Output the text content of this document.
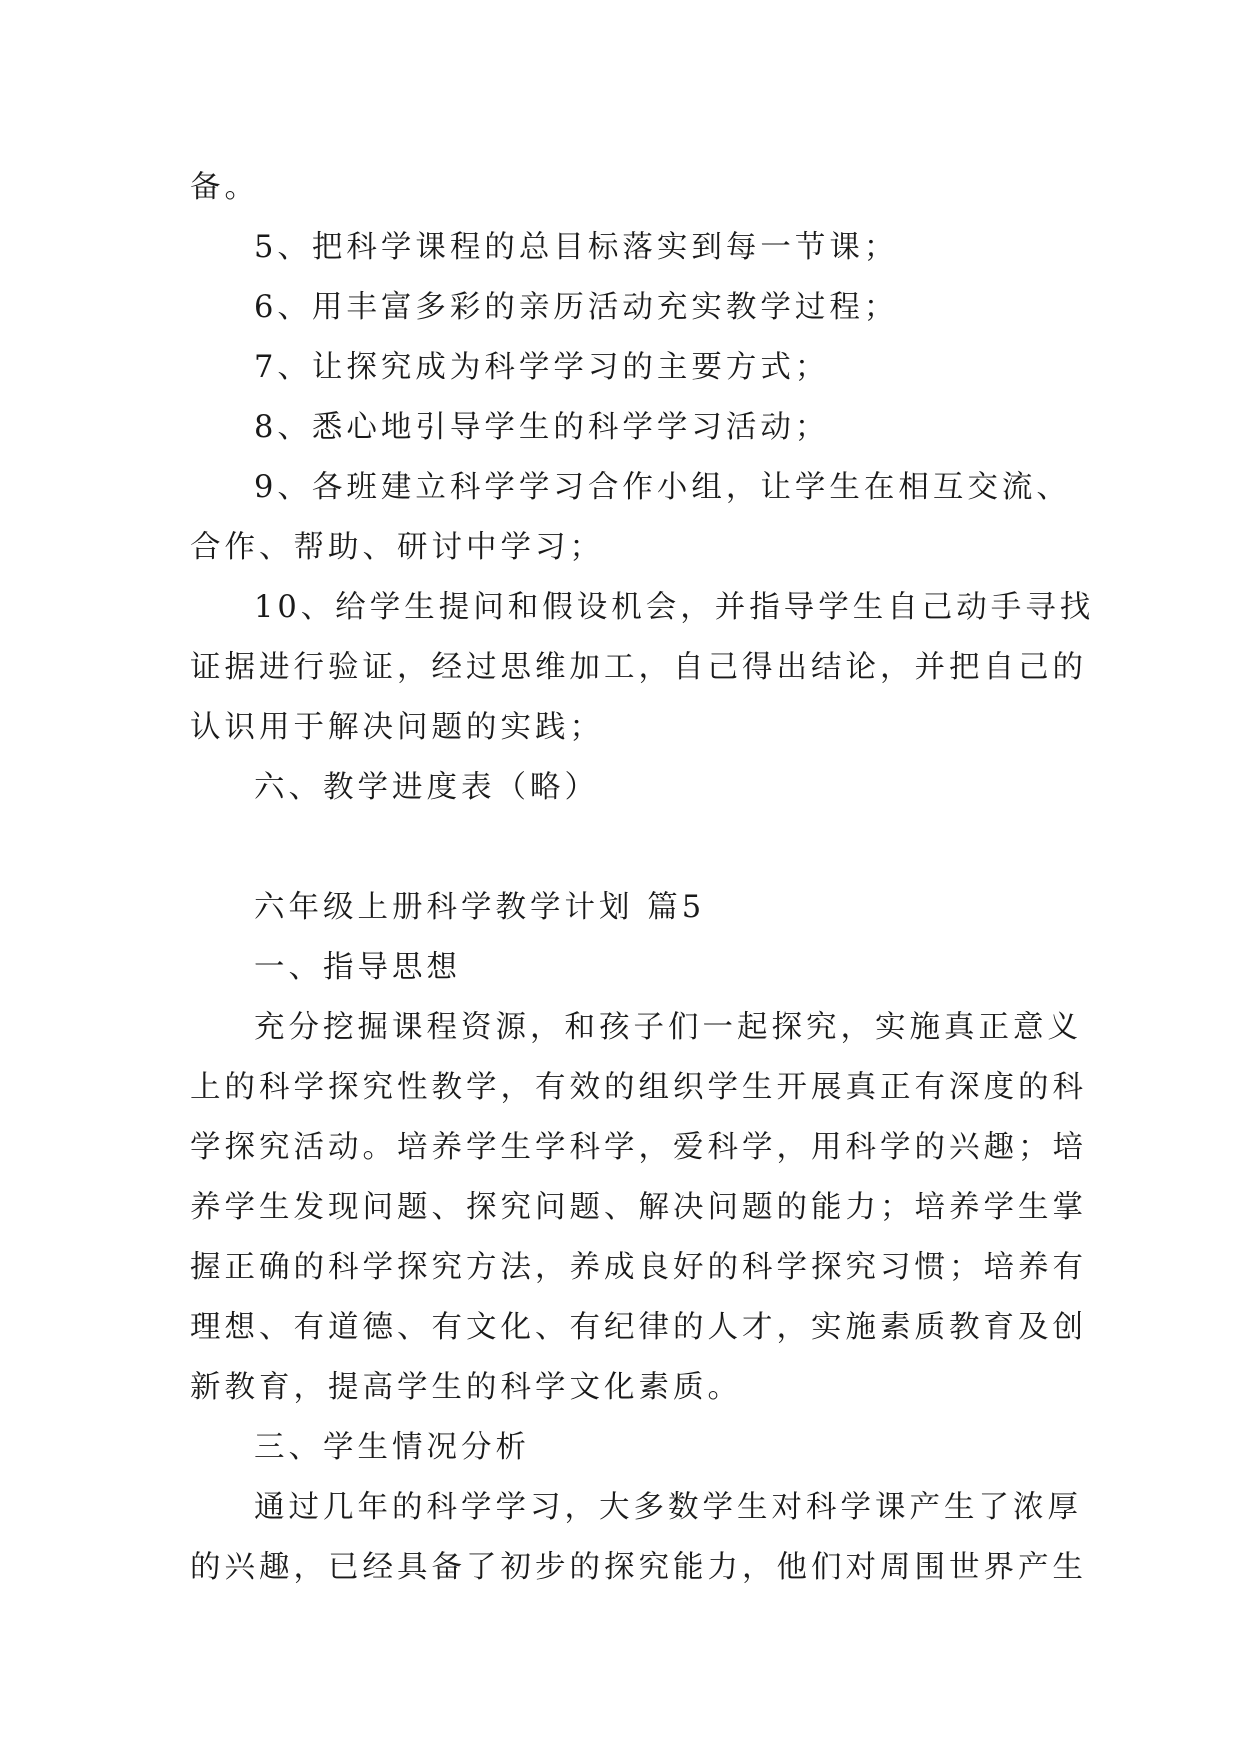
备。
5、把科学课程的总目标落实到每一节课；
6、用丰富多彩的亲历活动充实教学过程；
7、让探究成为科学学习的主要方式；
8、悉心地引导学生的科学学习活动；
9、各班建立科学学习合作小组，让学生在相互交流、
合作、帮助、研讨中学习；
10、给学生提问和假设机会，并指导学生自己动手寻找
证据进行验证，经过思维加工，自己得出结论，并把自己的
认识用于解决问题的实践；
六、教学进度表（略）
六年级上册科学教学计划 篇5
一、指导思想
充分挖掘课程资源，和孩子们一起探究，实施真正意义
上的科学探究性教学，有效的组织学生开展真正有深度的科
学探究活动。培养学生学科学，爱科学，用科学的兴趣；培
养学生发现问题、探究问题、解决问题的能力；培养学生掌
握正确的科学探究方法，养成良好的科学探究习惯；培养有
理想、有道德、有文化、有纪律的人才，实施素质教育及创
新教育，提高学生的科学文化素质。
三、学生情况分析
通过几年的科学学习，大多数学生对科学课产生了浓厚
的兴趣，已经具备了初步的探究能力，他们对周围世界产生
